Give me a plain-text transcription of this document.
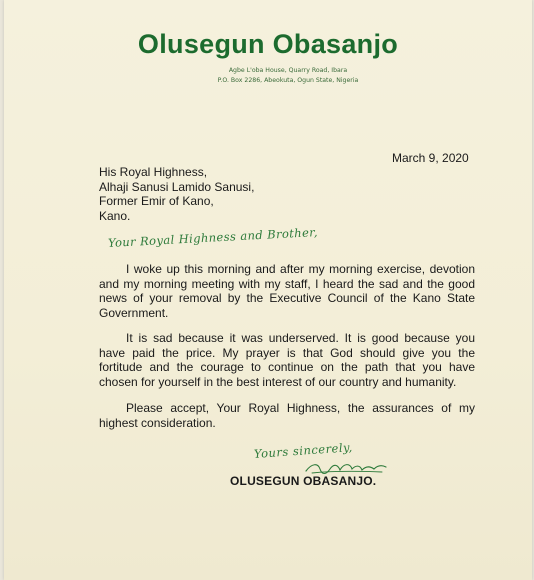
Olusegun Obasanjo
Agbe L'oba House, Quarry Road, Ibara
P.O. Box 2286, Abeokuta, Ogun State, Nigeria
March 9, 2020
His Royal Highness,
Alhaji Sanusi Lamido Sanusi,
Former Emir of Kano,
Kano.
Your Royal Highness and Brother,

I woke up this morning and after my morning exercise, devotion and my morning meeting with my staff, I heard the sad and the good news of your removal by the Executive Council of the Kano State Government.

It is sad because it was underserved. It is good because you have paid the price. My prayer is that God should give you the fortitude and the courage to continue on the path that you have chosen for yourself in the best interest of our country and humanity.

Please accept, Your Royal Highness, the assurances of my highest consideration.

Yours sincerely,
OLUSEGUN OBASANJO.
